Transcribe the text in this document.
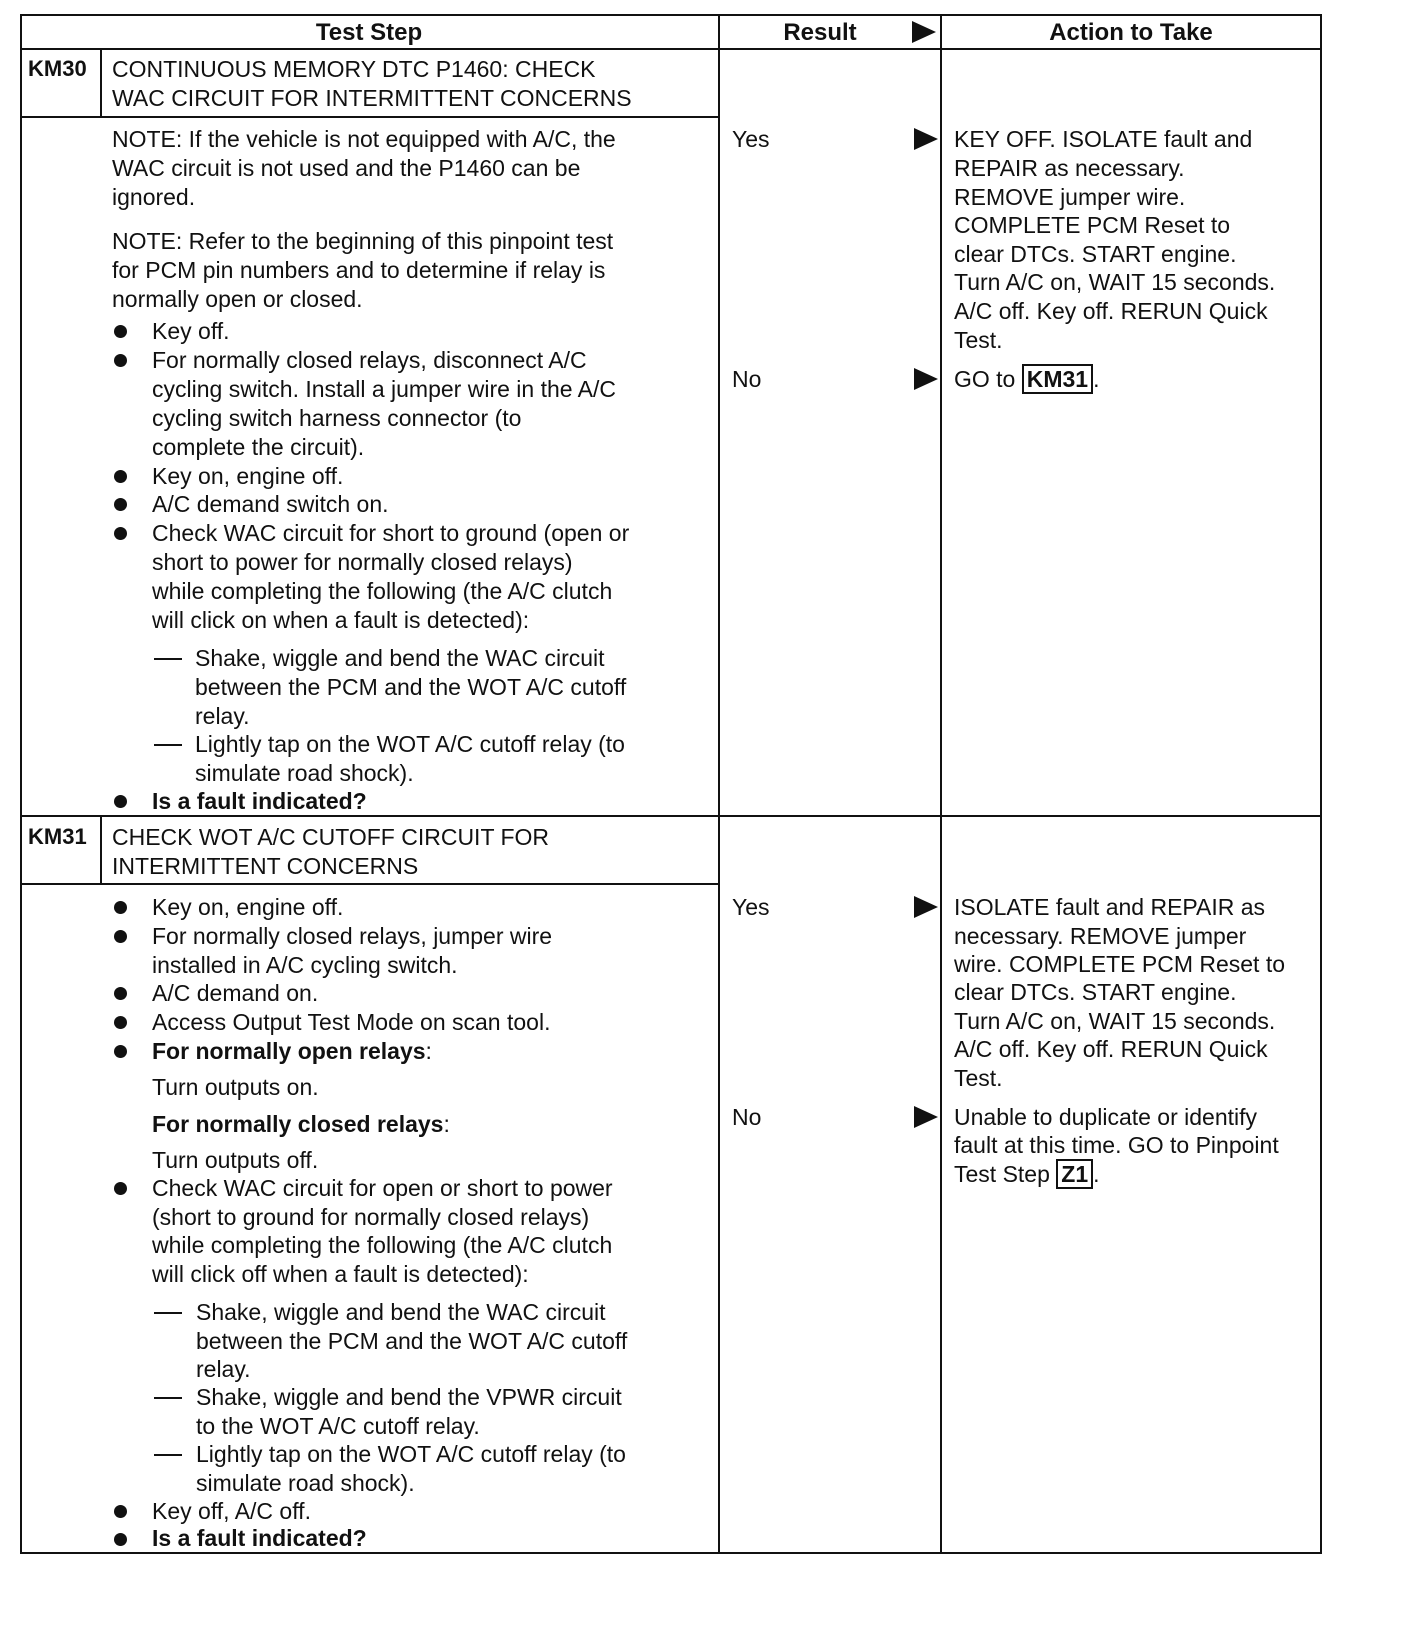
Test Step	Result	Action to Take
KM30 CONTINUOUS MEMORY DTC P1460: CHECK
WAC CIRCUIT FOR INTERMITTENT CONCERNS
NOTE: If the vehicle is not equipped with A/C, the
WAC circuit is not used and the P1460 can be
ignored.
NOTE: Refer to the beginning of this pinpoint test
for PCM pin numbers and to determine if relay is
normally open or closed.
Key off.
For normally closed relays, disconnect A/C
cycling switch. Install a jumper wire in the A/C
cycling switch harness connector (to
complete the circuit).
Key on, engine off.
A/C demand switch on.
Check WAC circuit for short to ground (open or
short to power for normally closed relays)
while completing the following (the A/C clutch
will click on when a fault is detected):
Shake, wiggle and bend the WAC circuit
between the PCM and the WOT A/C cutoff
relay.
Lightly tap on the WOT A/C cutoff relay (to
simulate road shock).
Is a fault indicated?
Yes	KEY OFF. ISOLATE fault and
REPAIR as necessary.
REMOVE jumper wire.
COMPLETE PCM Reset to
clear DTCs. START engine.
Turn A/C on, WAIT 15 seconds.
A/C off. Key off. RERUN Quick
Test.
No	GO to KM31 .
KM31 CHECK WOT A/C CUTOFF CIRCUIT FOR
INTERMITTENT CONCERNS
Key on, engine off.
For normally closed relays, jumper wire
installed in A/C cycling switch.
A/C demand on.
Access Output Test Mode on scan tool.
For normally open relays:
Turn outputs on.
For normally closed relays:
Turn outputs off.
Check WAC circuit for open or short to power
(short to ground for normally closed relays)
while completing the following (the A/C clutch
will click off when a fault is detected):
Shake, wiggle and bend the WAC circuit
between the PCM and the WOT A/C cutoff
relay.
Shake, wiggle and bend the VPWR circuit
to the WOT A/C cutoff relay.
Lightly tap on the WOT A/C cutoff relay (to
simulate road shock).
Key off, A/C off.
Is a fault indicated?
Yes	ISOLATE fault and REPAIR as
necessary. REMOVE jumper
wire. COMPLETE PCM Reset to
clear DTCs. START engine.
Turn A/C on, WAIT 15 seconds.
A/C off. Key off. RERUN Quick
Test.
No	Unable to duplicate or identify
fault at this time. GO to Pinpoint
Test Step Z1 .
